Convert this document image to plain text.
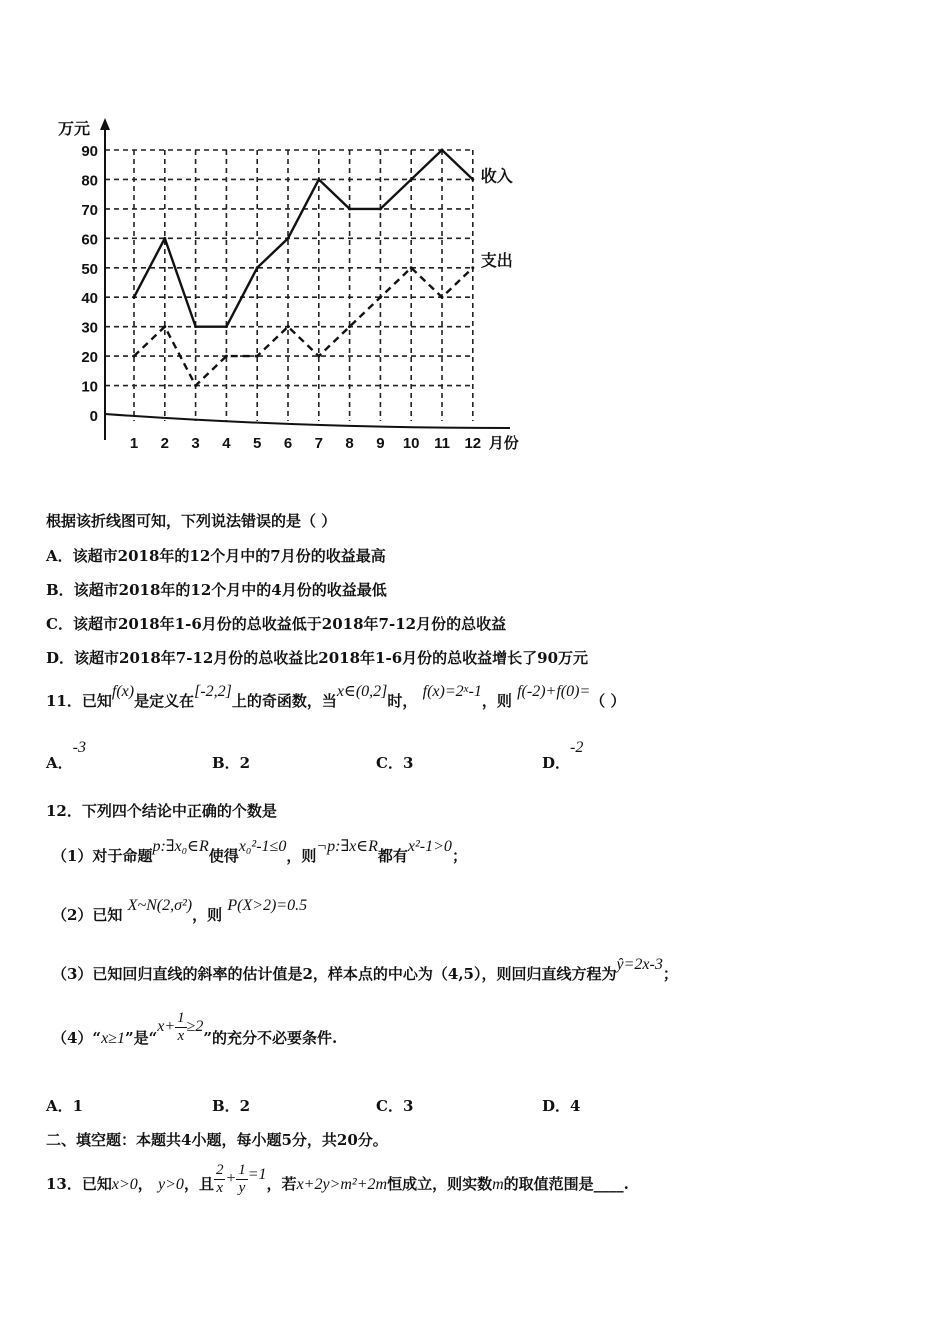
万元
0
10
20
30
40
50
60
70
80
90
1 2 3 4 5 6 7 8 9 10 11 12 月份
收入
支出
根据该折线图可知，下列说法错误的是（ ）
A．该超市2018年的12个月中的7月份的收益最高
B．该超市2018年的12个月中的4月份的收益最低
C．该超市2018年1-6月份的总收益低于2018年7-12月份的总收益
D．该超市2018年7-12月份的总收益比2018年1-6月份的总收益增长了90万元
11．已知f(x)是定义在[-2,2]上的奇函数，当x∈(0,2]时， $f(x)=2^x-1$，则 f(-2)+f(0)=（ ）
A．-3
B．2	C．3	D．-2
12．下列四个结论中正确的个数是
（1）对于命题p:∃x₀∈R使得x₀²-1≤0，则¬p:∃x∈R都有x²-1>0；
（2）已知 X~N(2,σ²)，则 P(X>2)=0.5
（3）已知回归直线的斜率的估计值是2，样本点的中心为（4,5），则回归直线方程为ŷ=2x-3；
（4）“x≥1”是“$x+ \frac{1}{x} \ge 2$”的充分不必要条件.
A．1	B．2	C．3	D．4
二、填空题：本题共4小题，每小题5分，共20分。
13．已知x>0， y>0，且 $\frac{2}{x} + \frac{1}{y} =1$，若x+2y>m²+2m恒成立，则实数m的取值范围是____.
